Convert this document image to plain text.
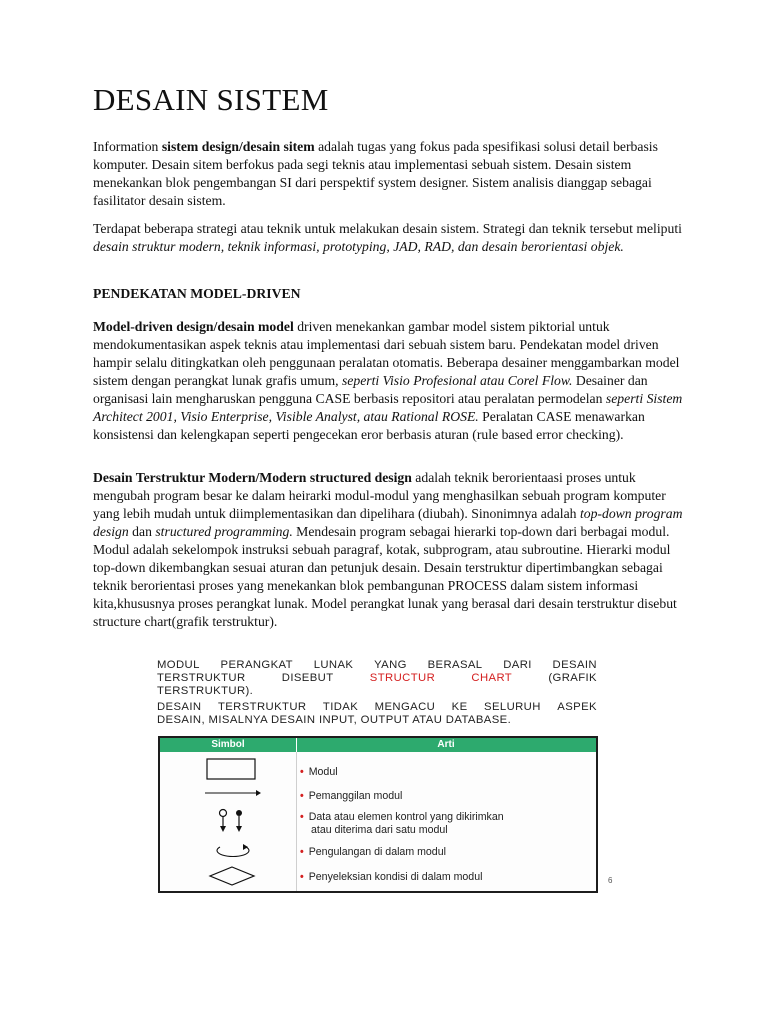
DESAIN SISTEM

Information sistem design/desain sitem adalah tugas yang fokus pada spesifikasi solusi detail berbasis komputer. Desain sitem berfokus pada segi teknis atau implementasi sebuah sistem. Desain sistem menekankan blok pengembangan SI dari perspektif system designer. Sistem analisis dianggap sebagai fasilitator desain sistem.

Terdapat beberapa strategi atau teknik untuk melakukan desain sistem. Strategi dan teknik tersebut meliputi desain struktur modern, teknik informasi, prototyping, JAD, RAD, dan desain berorientasi objek.

PENDEKATAN MODEL-DRIVEN

Model-driven design/desain model driven menekankan gambar model sistem piktorial untuk mendokumentasikan aspek teknis atau implementasi dari sebuah sistem baru. Pendekatan model driven hampir selalu ditingkatkan oleh penggunaan peralatan otomatis. Beberapa desainer menggambarkan model sistem dengan perangkat lunak grafis umum, seperti Visio Profesional atau Corel Flow. Desainer dan organisasi lain mengharuskan pengguna CASE berbasis repositori atau peralatan permodelan seperti Sistem Architect 2001, Visio Enterprise, Visible Analyst, atau Rational ROSE. Peralatan CASE menawarkan konsistensi dan kelengkapan seperti pengecekan eror berbasis aturan (rule based error checking).

Desain Terstruktur Modern/Modern structured design adalah teknik berorientaasi proses untuk mengubah program besar ke dalam heirarki modul-modul yang menghasilkan sebuah program komputer yang lebih mudah untuk diimplementasikan dan dipelihara (diubah). Sinonimnya adalah top-down program design dan structured programming. Mendesain program sebagai hierarki top-down dari berbagai modul. Modul adalah sekelompok instruksi sebuah paragraf, kotak, subprogram, atau subroutine. Hierarki modul top-down dikembangkan sesuai aturan dan petunjuk desain. Desain terstruktur dipertimbangkan sebagai teknik berorientasi proses yang menekankan blok pembangunan PROCESS dalam sistem informasi kita,khususnya proses perangkat lunak. Model perangkat lunak yang berasal dari desain terstruktur disebut structure chart(grafik terstruktur).

MODUL PERANGKAT LUNAK YANG BERASAL DARI DESAIN
TERSTRUKTUR	DISEBUT	STRUCTUR	CHART	(GRAFIK
TERSTRUKTUR).
DESAIN TERSTRUKTUR TIDAK MENGACU KE SELURUH ASPEK
DESAIN, MISALNYA DESAIN INPUT, OUTPUT ATAU DATABASE.
Simbol	Arti
• Modul
• Pemanggilan modul
• Data atau elemen kontrol yang dikirimkan
atau diterima dari satu modul
• Pengulangan di dalam modul
• Penyeleksian kondisi di dalam modul	6
